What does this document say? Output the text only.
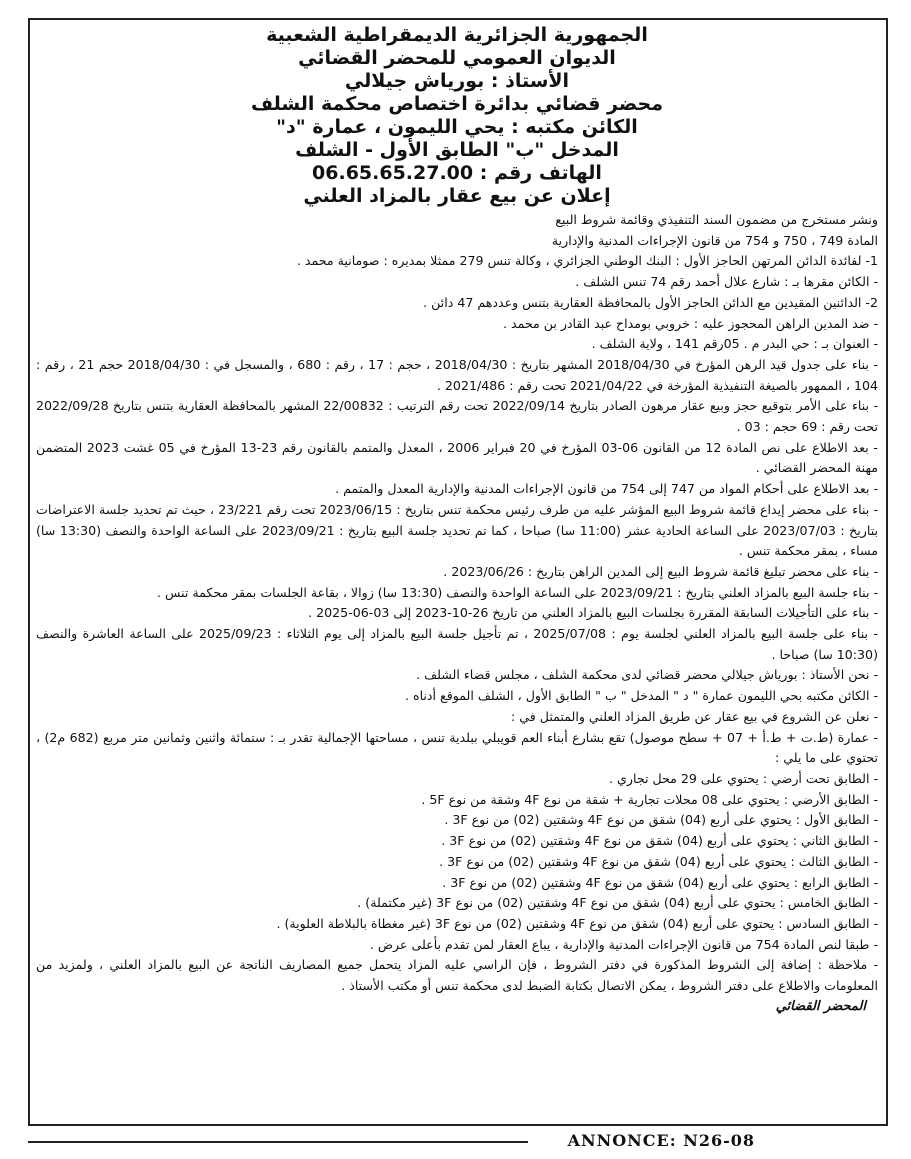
الجمهورية الجزائرية الديمقراطية الشعبية

الديوان العمومي للمحضر القضائي

الأستاذ : بورياش جيلالي

محضر قضائي بدائرة اختصاص محكمة الشلف

الكائن مكتبه : يحي الليمون ، عمارة "د"

المدخل "ب" الطابق الأول - الشلف

الهاتف رقم : 06.65.65.27.00

إعلان عن بيع عقار بالمزاد العلني

ونشر مستخرج من مضمون السند التنفيذي وقائمة شروط البيع

المادة 749 ، 750 و 754 من قانون الإجراءات المدنية والإدارية

1- لفائدة الدائن المرتهن الحاجز الأول : البنك الوطني الجزائري ، وكالة تنس 279 ممثلا بمديره : صومانية محمد .

- الكائن مقرها بـ : شارع علال أحمد رقم 74 تنس الشلف .

2- الدائنين المقيدين مع الدائن الحاجز الأول بالمحافظة العقارية بتنس وعددهم 47 دائن .

- ضد المدين الراهن المحجوز عليه : خروبي بومداح عبد القادر بن محمد .

- العنوان بـ : حي البدر م . 05رقم 141 ، ولاية الشلف .

- بناء على جدول قيد الرهن المؤرخ في 2018/04/30 المشهر بتاريخ : 2018/04/30 ، حجم : 17 ، رقم : 680 ، والمسجل في : 2018/04/30 حجم 21 ، رقم : 104 ، الممهور بالصيغة التنفيذية المؤرخة في 2021/04/22 تحت رقم : 2021/486 .

- بناء على الأمر بتوقيع حجز وبيع عقار مرهون الصادر بتاريخ 2022/09/14 تحت رقم الترتيب : 22/00832 المشهر بالمحافظة العقارية بتنس بتاريخ 2022/09/28 تحت رقم : 69 حجم : 03 .

- بعد الاطلاع على نص المادة 12 من القانون 06-03 المؤرخ في 20 فبراير 2006 ، المعدل والمتمم بالقانون رقم 23-13 المؤرخ في 05 غشت 2023 المتضمن مهنة المحضر القضائي .

- بعد الاطلاع على أحكام المواد من 747 إلى 754 من قانون الإجراءات المدنية والإدارية المعدل والمتمم .

- بناء على محضر إيداع قائمة شروط البيع المؤشر عليه من طرف رئيس محكمة تنس بتاريخ : 2023/06/15 تحت رقم 23/221 ، حيث تم تحديد جلسة الاعتراضات بتاريخ : 2023/07/03 على الساعة الحادية عشر (11:00 سا) صباحا ، كما تم تحديد جلسة البيع بتاريخ : 2023/09/21 على الساعة الواحدة والنصف (13:30 سا) مساء ، بمقر محكمة تنس .

- بناء على محضر تبليغ قائمة شروط البيع إلى المدين الراهن بتاريخ : 2023/06/26 .

- بناء جلسة البيع بالمزاد العلني بتاريخ : 2023/09/21 على الساعة الواحدة والنصف (13:30 سا) زوالا ، بقاعة الجلسات بمقر محكمة تنس .

- بناء على التأجيلات السابقة المقررة بجلسات البيع بالمزاد العلني من تاريخ 26-10-2023 إلى 03-06-2025 .

- بناء على جلسة البيع بالمزاد العلني لجلسة يوم : 2025/07/08 ، تم تأجيل جلسة البيع بالمزاد إلى يوم الثلاثاء : 2025/09/23 على الساعة العاشرة والنصف (10:30 سا) صباحا .

- نحن الأستاذ : بورياش جيلالي محضر قضائي لدى محكمة الشلف ، مجلس قضاء الشلف .

- الكائن مكتبه بحي الليمون عمارة " د " المدخل " ب " الطابق الأول ، الشلف الموقع أدناه .

- نعلن عن الشروع في بيع عقار عن طريق المزاد العلني والمتمثل في :

- عمارة (ط.ت + ط.أ + 07 + سطح موصول) تقع بشارع أبناء العم قويبلي ببلدية تنس ، مساحتها الإجمالية تقدر بـ : ستمائة واثنين وثمانين متر مربع (682 م2) ، تحتوي على ما يلي :

- الطابق تحت أرضي : يحتوي على 29 محل تجاري .

- الطابق الأرضي : يحتوي على 08 محلات تجارية + شقة من نوع 4F وشقة من نوع 5F .

- الطابق الأول : يحتوي على أربع (04) شقق من نوع 4F وشقتين (02) من نوع 3F .

- الطابق الثاني : يحتوي على أربع (04) شقق من نوع 4F وشقتين (02) من نوع 3F .

- الطابق الثالث : يحتوي على أربع (04) شقق من نوع 4F وشقتين (02) من نوع 3F .

- الطابق الرابع : يحتوي على أربع (04) شقق من نوع 4F وشقتين (02) من نوع 3F .

- الطابق الخامس : يحتوي على أربع (04) شقق من نوع 4F وشقتين (02) من نوع 3F (غير مكتملة) .

- الطابق السادس : يحتوي على أربع (04) شقق من نوع 4F وشقتين (02) من نوع 3F (غير مغطاة بالبلاطة العلوية) .

- طبقا لنص المادة 754 من قانون الإجراءات المدنية والإدارية ، يباع العقار لمن تقدم بأعلى عرض .

- ملاحظة : إضافة إلى الشروط المذكورة في دفتر الشروط ، فإن الراسي عليه المزاد يتحمل جميع المصاريف الناتجة عن البيع بالمزاد العلني ، ولمزيد من المعلومات والاطلاع على دفتر الشروط ، يمكن الاتصال بكتابة الضبط لدى محكمة تنس أو مكتب الأستاذ .

المحضر القضائي
ANNONCE: N26-08
